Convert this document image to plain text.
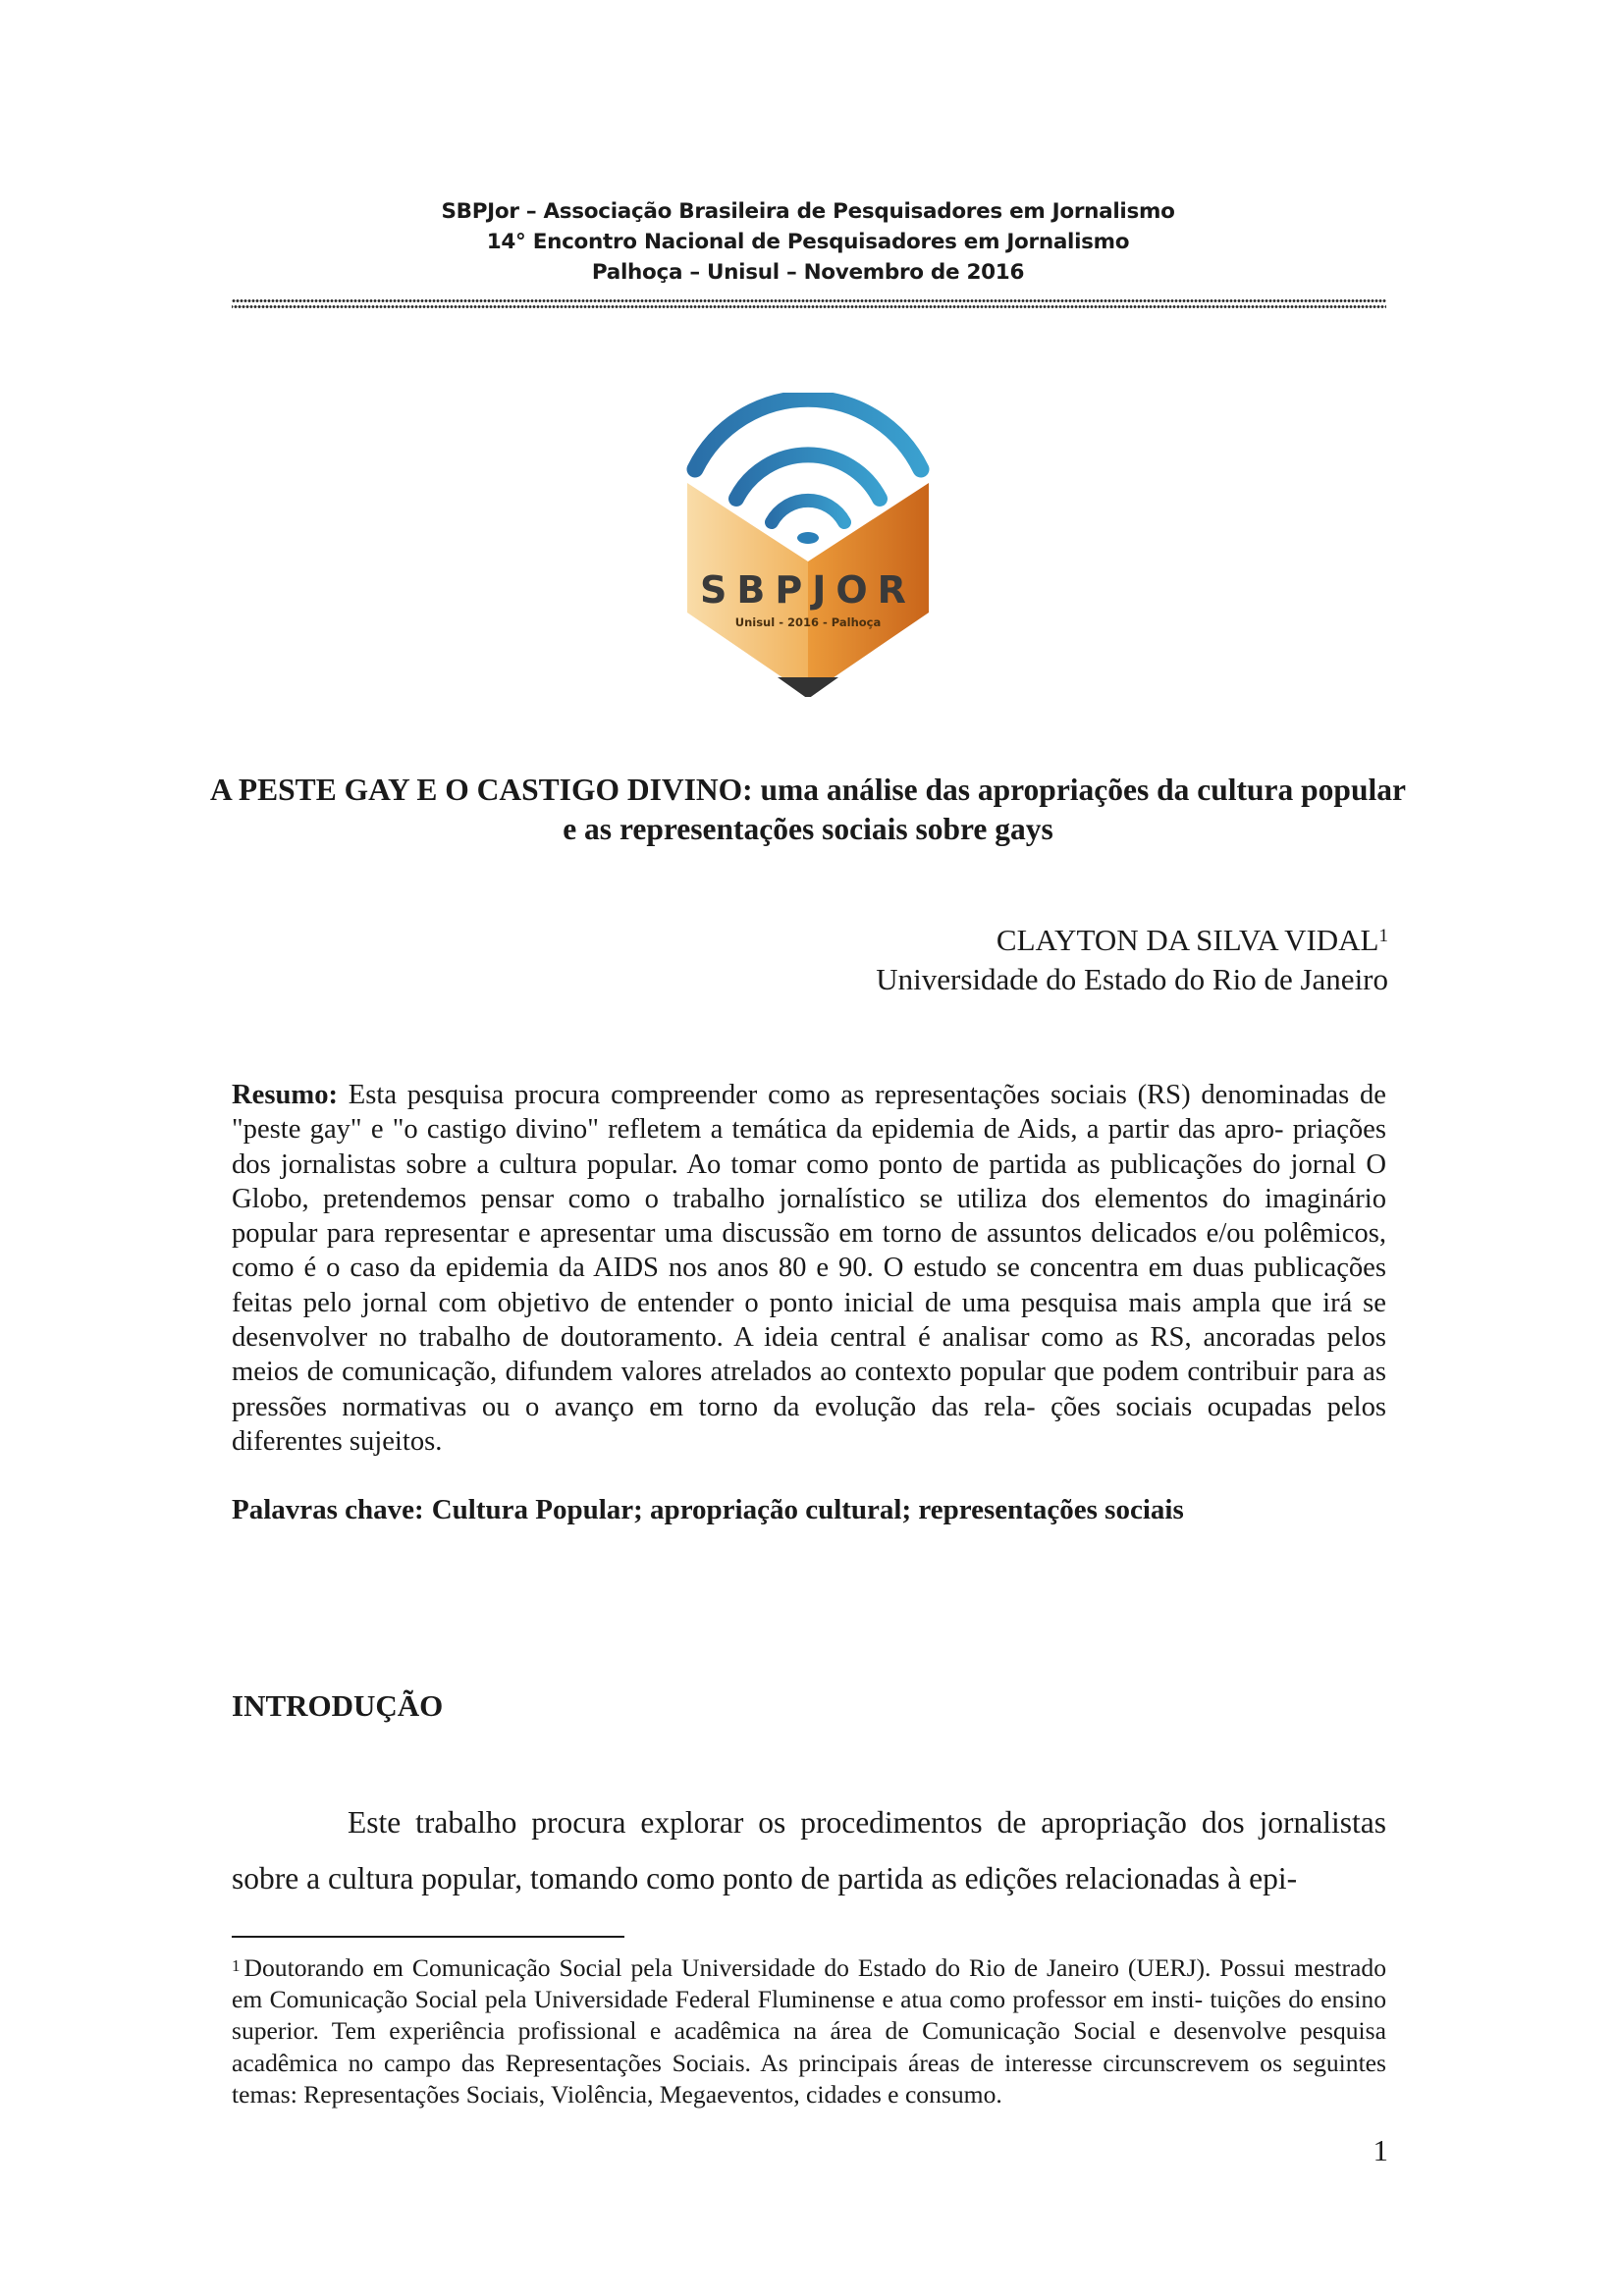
SBPJor – Associação Brasileira de Pesquisadores em Jornalismo
14° Encontro Nacional de Pesquisadores em Jornalismo
Palhoça – Unisul – Novembro de 2016
SBPJOR
Unisul - 2016 - Palhoça
A PESTE GAY E O CASTIGO DIVINO: uma análise das apropriações da cultura popular e as representações sociais sobre gays
CLAYTON DA SILVA VIDAL$^1$
Universidade do Estado do Rio de Janeiro
Resumo: Esta pesquisa procura compreender como as representações sociais (RS) denominadas de "peste gay" e "o castigo divino" refletem a temática da epidemia de Aids, a partir das apro- priações dos jornalistas sobre a cultura popular. Ao tomar como ponto de partida as publicações do jornal O Globo, pretendemos pensar como o trabalho jornalístico se utiliza dos elementos do imaginário popular para representar e apresentar uma discussão em torno de assuntos delicados e/ou polêmicos, como é o caso da epidemia da AIDS nos anos 80 e 90. O estudo se concentra em duas publicações feitas pelo jornal com objetivo de entender o ponto inicial de uma pesquisa mais ampla que irá se desenvolver no trabalho de doutoramento. A ideia central é analisar como as RS, ancoradas pelos meios de comunicação, difundem valores atrelados ao contexto popular que podem contribuir para as pressões normativas ou o avanço em torno da evolução das rela- ções sociais ocupadas pelos diferentes sujeitos.
Palavras chave: Cultura Popular; apropriação cultural; representações sociais
INTRODUÇÃO
Este trabalho procura explorar os procedimentos de apropriação dos jornalistas sobre a cultura popular, tomando como ponto de partida as edições relacionadas à epi-
$^1$ Doutorando em Comunicação Social pela Universidade do Estado do Rio de Janeiro (UERJ). Possui mestrado em Comunicação Social pela Universidade Federal Fluminense e atua como professor em insti- tuições do ensino superior. Tem experiência profissional e acadêmica na área de Comunicação Social e desenvolve pesquisa acadêmica no campo das Representações Sociais. As principais áreas de interesse circunscrevem os seguintes temas: Representações Sociais, Violência, Megaeventos, cidades e consumo.
1
